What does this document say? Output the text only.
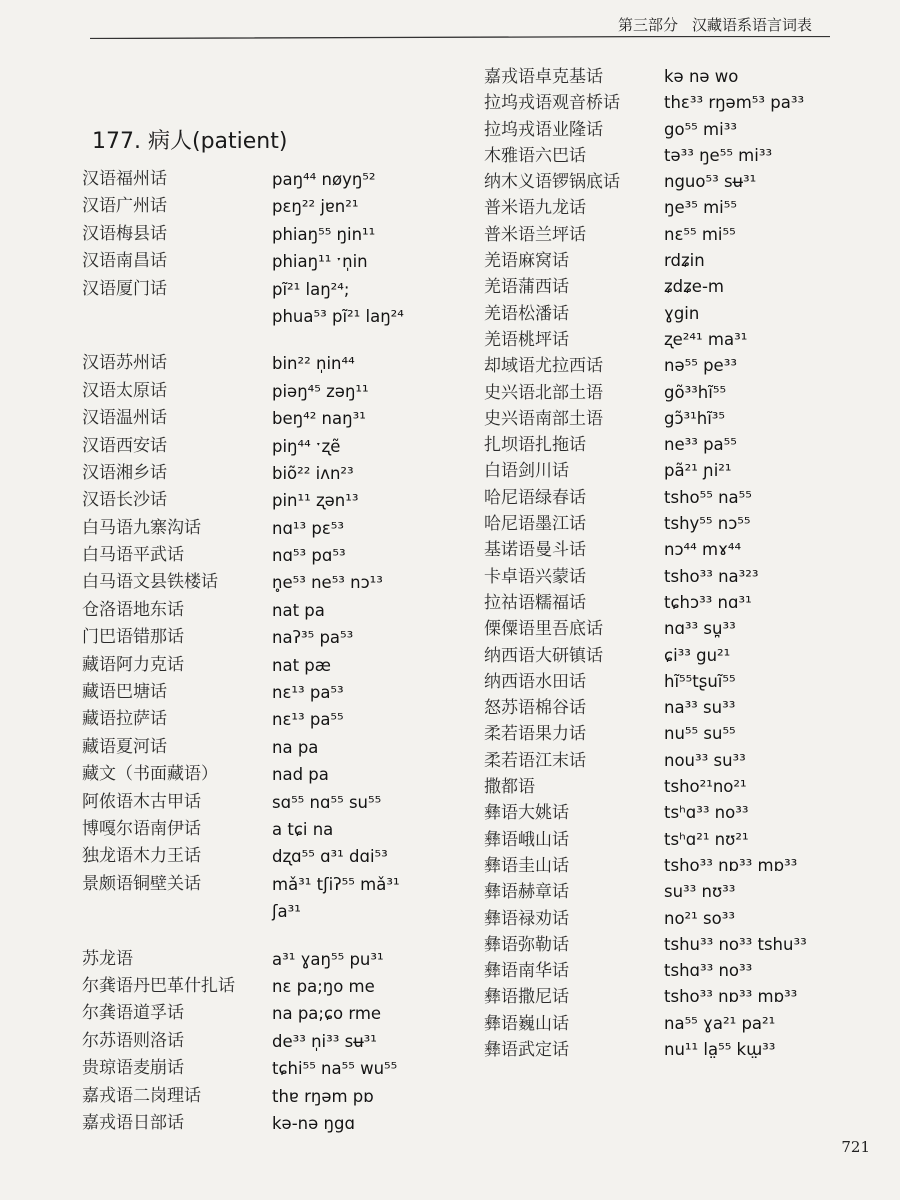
第三部分 汉藏语系语言词表
177. 病人(patient)
汉语福州话	paŋ⁴⁴ nøyŋ⁵²
汉语广州话	pɛŋ²² jɐn²¹
汉语梅县话	phiaŋ⁵⁵ ŋin¹¹
汉语南昌话	phiaŋ¹¹ ˑn̩in
汉语厦门话	pĩ²¹ laŋ²⁴;
phua⁵³ pĩ²¹ laŋ²⁴
汉语苏州话	bin²² n̩in⁴⁴
汉语太原话	piəŋ⁴⁵ zəŋ¹¹
汉语温州话	beŋ⁴² naŋ³¹
汉语西安话	piŋ⁴⁴ ˑʐẽ
汉语湘乡话	biõ²² iʌn²³
汉语长沙话	pin¹¹ ʐən¹³
白马语九寨沟话	nɑ¹³ pɛ⁵³
白马语平武话	nɑ⁵³ pɑ⁵³
白马语文县铁楼话	n̥e⁵³ ne⁵³ nɔ¹³
仓洛语地东话	nat pa
门巴语错那话	naʔ³⁵ pa⁵³
藏语阿力克话	nat pæ
藏语巴塘话	nɛ¹³ pa⁵³
藏语拉萨话	nɛ¹³ pa⁵⁵
藏语夏河话	na pa
藏文（书面藏语）	nad pa
阿侬语木古甲话	sɑ⁵⁵ nɑ⁵⁵ su⁵⁵
博嘎尔语南伊话	a tɕi na
独龙语木力王话	dʐɑ⁵⁵ ɑ³¹ dɑi⁵³
景颇语铜壁关话	mǎ³¹ tʃiʔ⁵⁵ mǎ³¹
ʃa³¹
苏龙语	a³¹ ɣaŋ⁵⁵ pu³¹
尔龚语丹巴革什扎话 nɛ pa;ŋo me
尔龚语道孚话	na pa;ɕo rme
尔苏语则洛话	de³³ n̩i³³ sʉ³¹
贵琼语麦崩话	tɕhi⁵⁵ na⁵⁵ wu⁵⁵
嘉戎语二岗理话	thɐ rŋəm pɒ
嘉戎语日部话	kə-nə ŋgɑ
嘉戎语卓克基话	kə nə wo
拉坞戎语观音桥话	thɛ³³ rŋəm⁵³ pa³³
拉坞戎语业隆话	go⁵⁵ mi³³
木雅语六巴话	tə³³ ŋe⁵⁵ mi³³
纳木义语锣锅底话	nguo⁵³ sʉ³¹
普米语九龙话	ŋe³⁵ mi⁵⁵
普米语兰坪话	nɛ⁵⁵ mi⁵⁵
羌语麻窝话	rdʑin
羌语蒲西话	ʑdʑe-m
羌语松潘话	ɣgin
羌语桃坪话	ʐe²⁴¹ ma³¹
却域语尤拉西话	nə⁵⁵ pe³³
史兴语北部土语	gõ³³hĩ⁵⁵
史兴语南部土语	gɔ̃³¹hĩ³⁵
扎坝语扎拖话	ne³³ pa⁵⁵
白语剑川话	pã²¹ ɲi²¹
哈尼语绿春话	tsho⁵⁵ na⁵⁵
哈尼语墨江话	tshy⁵⁵ nɔ⁵⁵
基诺语曼斗话	nɔ⁴⁴ mɤ⁴⁴
卡卓语兴蒙话	tsho³³ na³²³
拉祜语糯福话	tɕhɔ³³ nɑ³¹
傈僳语里吾底话	nɑ³³ su̪³³
纳西语大研镇话	ɕi³³ gu²¹
纳西语水田话	hĩ⁵⁵tʂuĩ⁵⁵
怒苏语棉谷话	na³³ su³³
柔若语果力话	nu⁵⁵ su⁵⁵
柔若语江末话	nou³³ su³³
撒都语	tsho²¹no²¹
彝语大姚话	tsʰɑ³³ no³³
彝语峨山话	tsʰɑ²¹ nʊ²¹
彝语圭山话	tsho³³ nɒ³³ mɒ³³
彝语赫章话	su³³ nʊ³³
彝语禄劝话	no²¹ so³³
彝语弥勒话	tshu³³ no³³ tshu³³
彝语南华话	tshɑ³³ no³³
彝语撒尼话	tsho³³ nɒ³³ mɒ³³
彝语巍山话	na⁵⁵ ɣa²¹ pa²¹
彝语武定话	nu¹¹ la̤⁵⁵ kɯ̤³³
721
